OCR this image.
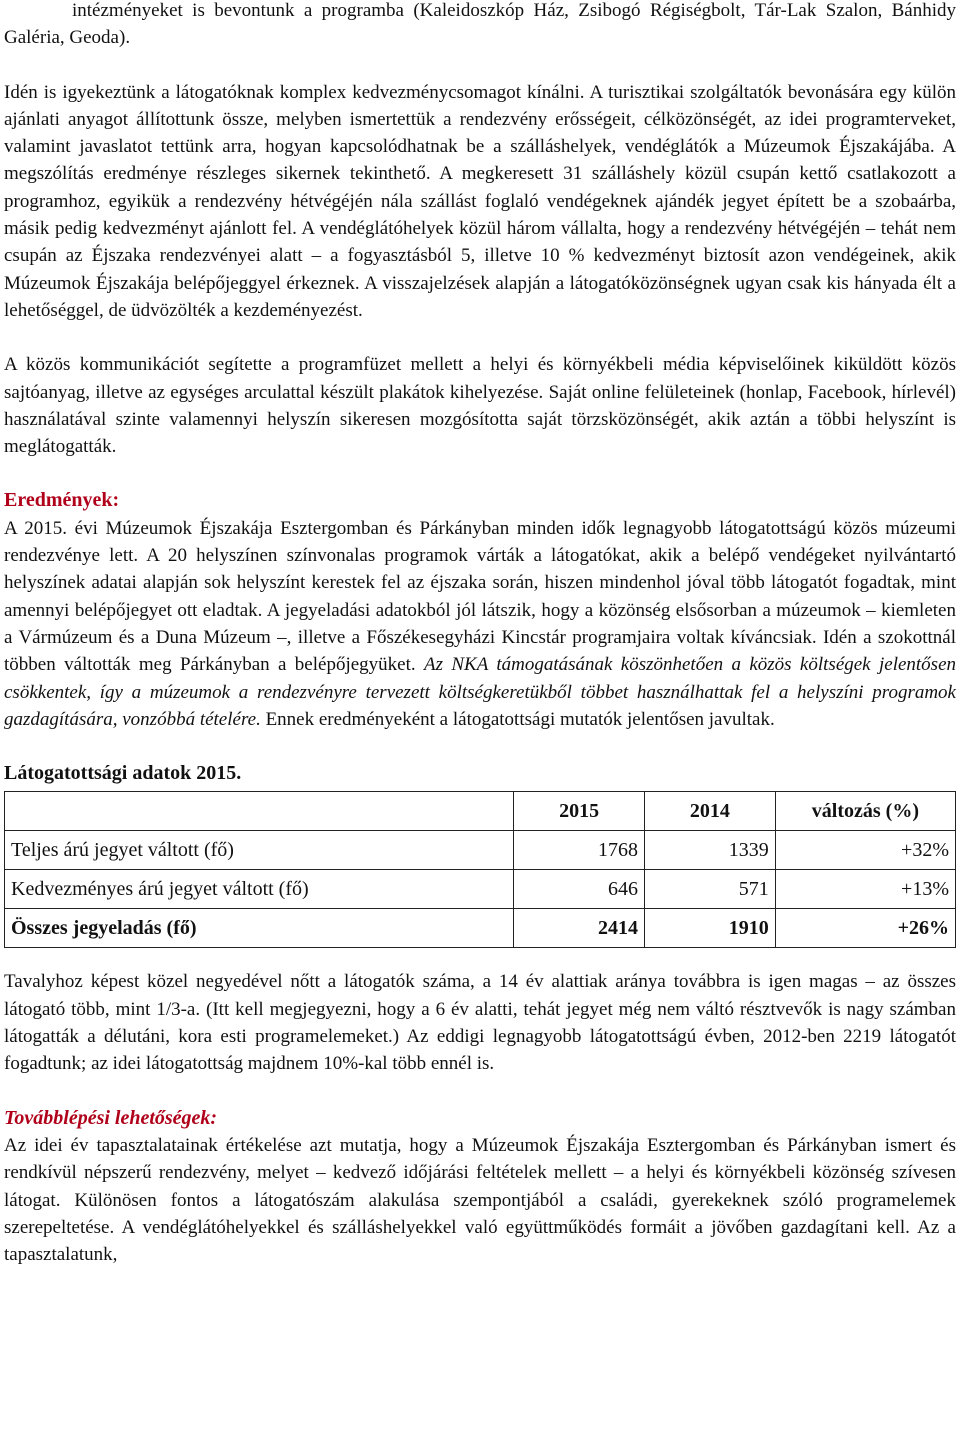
intézményeket is bevontunk a programba (Kaleidoszkóp Ház, Zsibogó Régiségbolt, Tár-Lak Szalon, Bánhidy Galéria, Geoda).

Idén is igyekeztünk a látogatóknak komplex kedvezménycsomagot kínálni. A turisztikai szolgáltatók bevonására egy külön ajánlati anyagot állítottunk össze, melyben ismertettük a rendezvény erősségeit, célközönségét, az idei programterveket, valamint javaslatot tettünk arra, hogyan kapcsolódhatnak be a szálláshelyek, vendéglátók a Múzeumok Éjszakájába. A megszólítás eredménye részleges sikernek tekinthető. A megkeresett 31 szálláshely közül csupán kettő csatlakozott a programhoz, egyikük a rendezvény hétvégéjén nála szállást foglaló vendégeknek ajándék jegyet épített be a szobaárba, másik pedig kedvezményt ajánlott fel. A vendéglátóhelyek közül három vállalta, hogy a rendezvény hétvégéjén – tehát nem csupán az Éjszaka rendezvényei alatt – a fogyasztásból 5, illetve 10 % kedvezményt biztosít azon vendégeinek, akik Múzeumok Éjszakája belépőjeggyel érkeznek. A visszajelzések alapján a látogatóközönségnek ugyan csak kis hányada élt a lehetőséggel, de üdvözölték a kezdeményezést.

A közös kommunikációt segítette a programfüzet mellett a helyi és környékbeli média képviselőinek kiküldött közös sajtóanyag, illetve az egységes arculattal készült plakátok kihelyezése. Saját online felületeinek (honlap, Facebook, hírlevél) használatával szinte valamennyi helyszín sikeresen mozgósította saját törzsközönségét, akik aztán a többi helyszínt is meglátogatták.

Eredmények:

A 2015. évi Múzeumok Éjszakája Esztergomban és Párkányban minden idők legnagyobb látogatottságú közös múzeumi rendezvénye lett. A 20 helyszínen színvonalas programok várták a látogatókat, akik a belépő vendégeket nyilvántartó helyszínek adatai alapján sok helyszínt kerestek fel az éjszaka során, hiszen mindenhol jóval több látogatót fogadtak, mint amennyi belépőjegyet ott eladtak. A jegyeladási adatokból jól látszik, hogy a közönség elsősorban a múzeumok – kiemleten a Vármúzeum és a Duna Múzeum –, illetve a Főszékesegyházi Kincstár programjaira voltak kíváncsiak. Idén a szokottnál többen váltották meg Párkányban a belépőjegyüket. Az NKA támogatásának köszönhetően a közös költségek jelentősen csökkentek, így a múzeumok a rendezvényre tervezett költségkeretükből többet használhattak fel a helyszíni programok gazdagítására, vonzóbbá tételére. Ennek eredményeként a látogatottsági mutatók jelentősen javultak.

Látogatottsági adatok 2015.
	2015	2014	változás (%)
Teljes árú jegyet váltott (fő)	1768	1339	+32%
Kedvezményes árú jegyet váltott (fő)	646	571	+13%
Összes jegyeladás (fő)	2414	1910	+26%

Tavalyhoz képest közel negyedével nőtt a látogatók száma, a 14 év alattiak aránya továbbra is igen magas – az összes látogató több, mint 1/3-a. (Itt kell megjegyezni, hogy a 6 év alatti, tehát jegyet még nem váltó résztvevők is nagy számban látogatták a délutáni, kora esti programelemeket.) Az eddigi legnagyobb látogatottságú évben, 2012-ben 2219 látogatót fogadtunk; az idei látogatottság majdnem 10%-kal több ennél is.

Továbblépési lehetőségek:

Az idei év tapasztalatainak értékelése azt mutatja, hogy a Múzeumok Éjszakája Esztergomban és Párkányban ismert és rendkívül népszerű rendezvény, melyet – kedvező időjárási feltételek mellett – a helyi és környékbeli közönség szívesen látogat. Különösen fontos a látogatószám alakulása szempontjából a családi, gyerekeknek szóló programelemek szerepeltetése. A vendéglátóhelyekkel és szálláshelyekkel való együttműködés formáit a jövőben gazdagítani kell. Az a tapasztalatunk,
